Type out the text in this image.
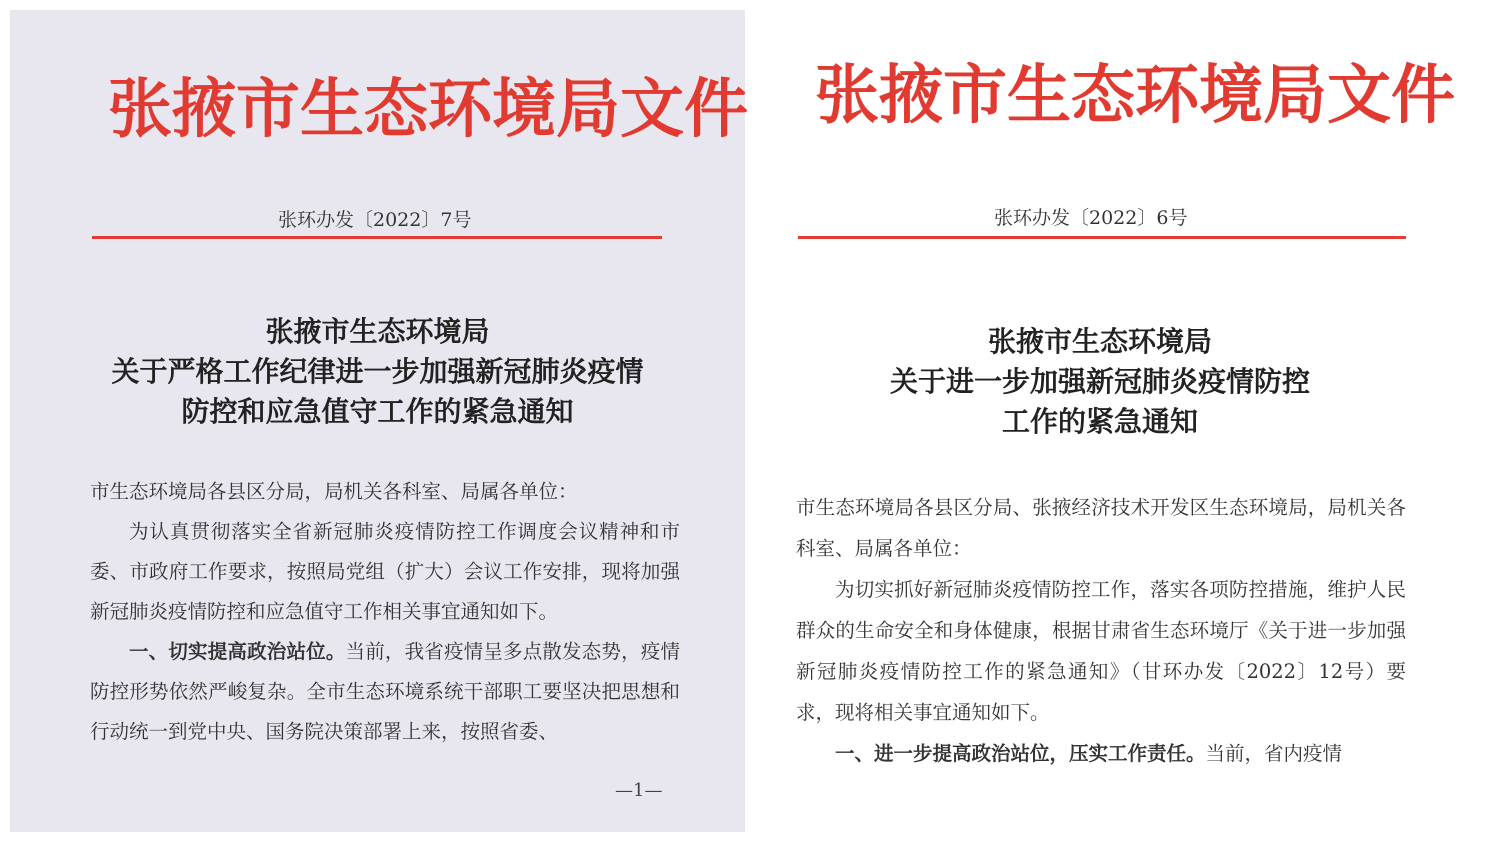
张掖市生态环境局文件
张环办发〔2022〕7号
张掖市生态环境局
关于严格工作纪律进一步加强新冠肺炎疫情
防控和应急值守工作的紧急通知

市生态环境局各县区分局，局机关各科室、局属各单位：

为认真贯彻落实全省新冠肺炎疫情防控工作调度会议精神和市委、市政府工作要求，按照局党组（扩大）会议工作安排，现将加强新冠肺炎疫情防控和应急值守工作相关事宜通知如下。

一、切实提高政治站位。当前，我省疫情呈多点散发态势，疫情防控形势依然严峻复杂。全市生态环境系统干部职工要坚决把思想和行动统一到党中央、国务院决策部署上来，按照省委、

—1—
张掖市生态环境局文件
张环办发〔2022〕6号
张掖市生态环境局
关于进一步加强新冠肺炎疫情防控
工作的紧急通知

市生态环境局各县区分局、张掖经济技术开发区生态环境局，局机关各科室、局属各单位：

为切实抓好新冠肺炎疫情防控工作，落实各项防控措施，维护人民群众的生命安全和身体健康，根据甘肃省生态环境厅《关于进一步加强新冠肺炎疫情防控工作的紧急通知》（甘环办发〔2022〕12号）要求，现将相关事宜通知如下。

一、进一步提高政治站位，压实工作责任。当前，省内疫情
